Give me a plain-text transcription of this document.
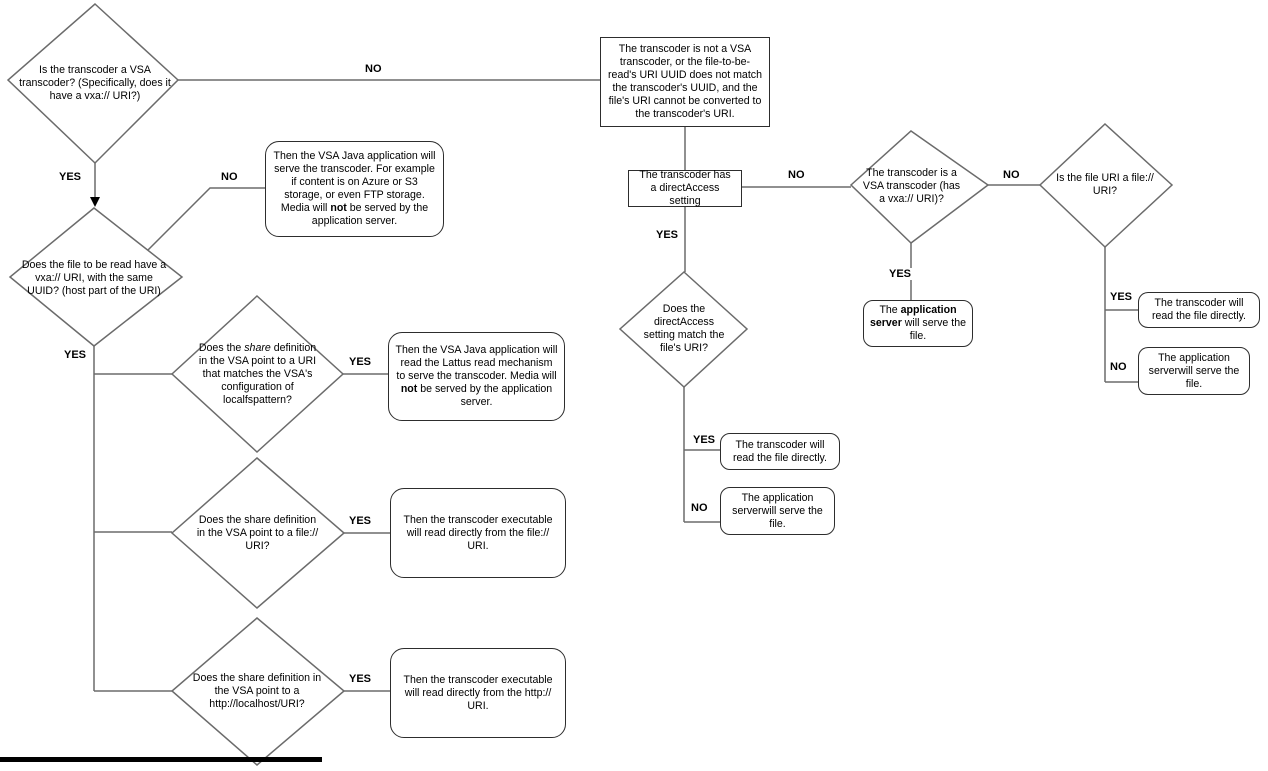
Is the transcoder a VSA transcoder? (Specifically, does it have a vxa:// URI?)
Does the file to be read have a vxa:// URI, with the same UUID? (host part of the URI)
Does the share definition in the VSA point to a URI that matches the VSA's configuration of localfspattern?
Does the share definition in the VSA point to a file:// URI?
Does the share definition in the VSA point to a http://localhost/URI?
Does the directAccess setting match the file's URI?
The transcoder is a VSA transcoder (has a vxa:// URI)?
Is the file URI a file:// URI?
The transcoder is not a VSA transcoder, or the file-to-be-read's URI UUID does not match the transcoder's UUID, and the file's URI cannot be converted to the transcoder's URI.
Then the VSA Java application will serve the transcoder. For example if content is on Azure or S3 storage, or even FTP storage. Media will not be served by the application server.
Then the VSA Java application will read the Lattus read mechanism to serve the transcoder. Media will not be served by the application server.
Then the transcoder executable will read directly from the file:// URI.
Then the transcoder executable will read directly from the http:// URI.
The transcoder has a directAccess setting
The transcoder will read the file directly.
The application serverwill serve the file.
The application server will serve the file.
The transcoder will read the file directly.
The application serverwill serve the file.
NO
YES	NO
YES
YES
YES
YES
NO
YES
YES
NO
YES
NO
YES
NO
